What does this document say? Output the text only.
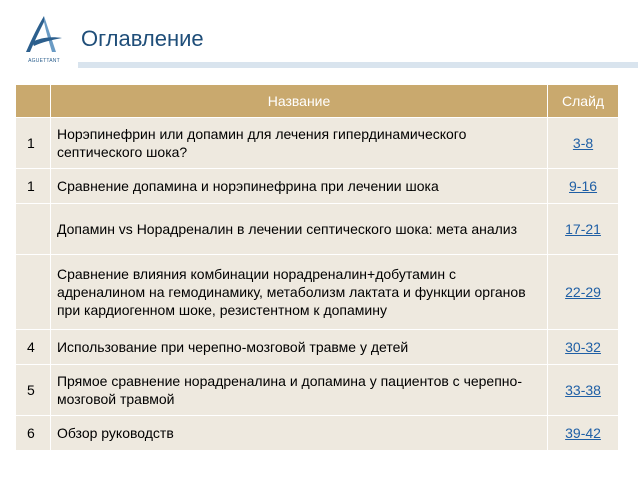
AGUETTANT
Оглавление
	Название	Слайд
1	Норэпинефрин или допамин для лечения гипердинамического септического шока?	3-8
1	Сравнение допамина и норэпинефрина при лечении шока	9-16
	Допамин vs Норадреналин в лечении септического шока: мета анализ	17-21
	Сравнение влияния комбинации норадреналин+добутамин с адреналином на гемодинамику, метаболизм лактата и функции органов при кардиогенном шоке, резистентном к допамину	22-29
4	Использование при черепно-мозговой травме у детей	30-32
5	Прямое сравнение норадреналина и допамина у пациентов с черепно-мозговой травмой	33-38
6	Обзор руководств	39-42
